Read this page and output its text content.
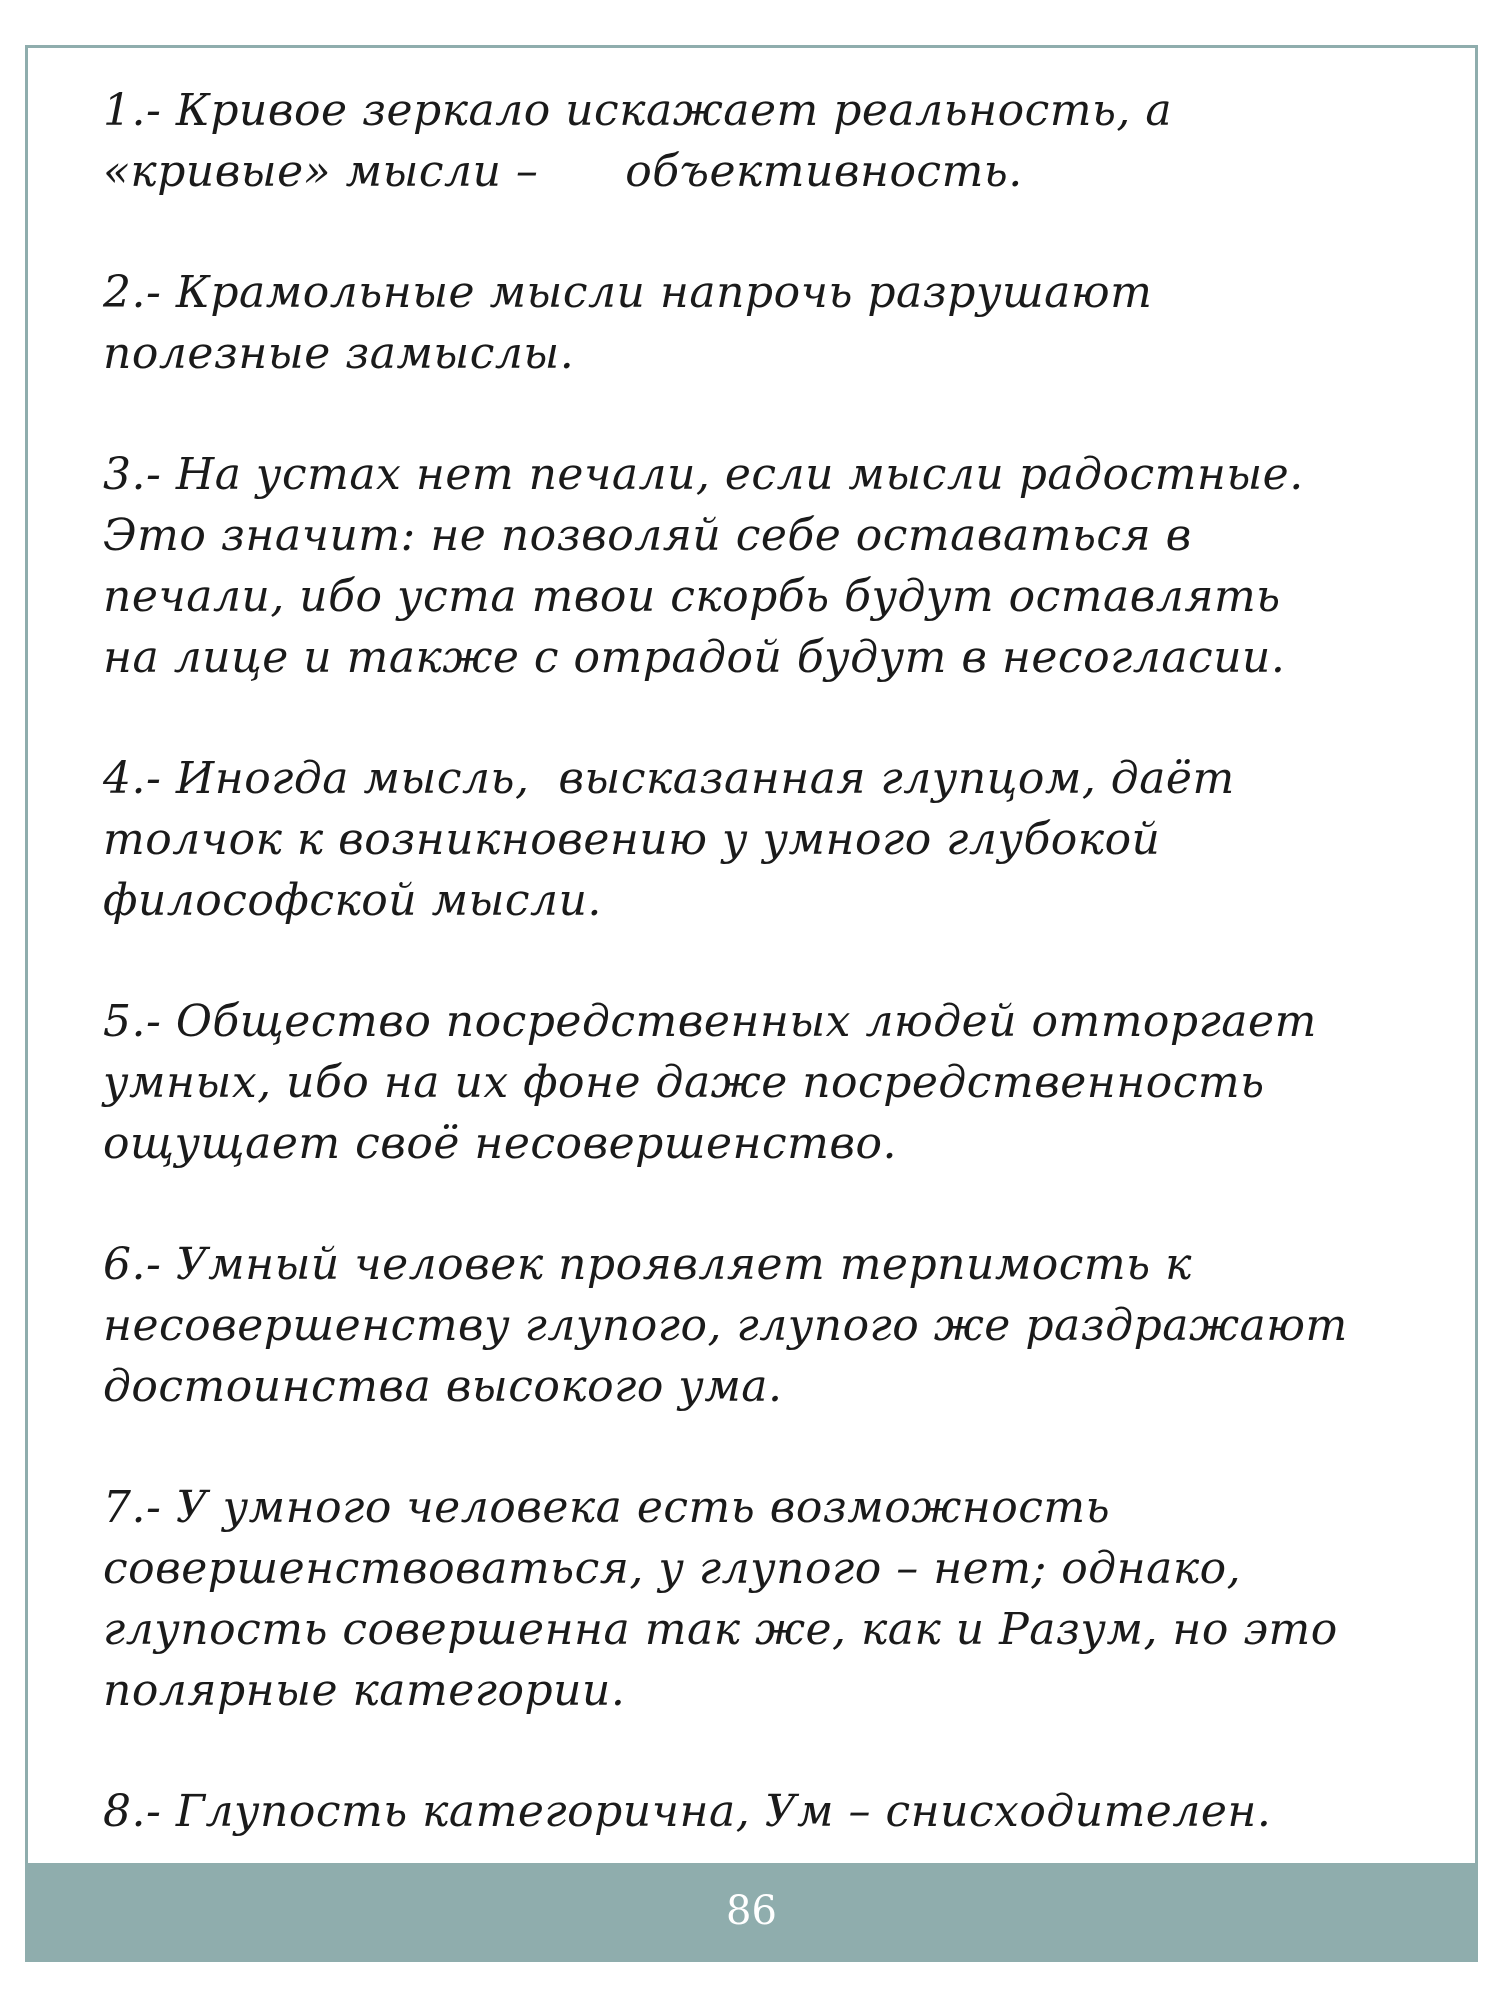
1.- Кривое зеркало искажает реальность, а
«кривые» мысли –      объективность.

2.- Крамольные мысли напрочь разрушают
полезные замыслы.

3.- На устах нет печали, если мысли радостные.
Это значит: не позволяй себе оставаться в
печали, ибо уста твои скорбь будут оставлять
на лице и также с отрадой будут в несогласии.

4.- Иногда мысль,  высказанная глупцом, даёт
толчок к возникновению у умного глубокой
философской мысли.

5.- Общество посредственных людей отторгает
умных, ибо на их фоне даже посредственность
ощущает своё несовершенство.

6.- Умный человек проявляет терпимость к
несовершенству глупого, глупого же раздражают
достоинства высокого ума.

7.- У умного человека есть возможность
совершенствоваться, у глупого – нет; однако,
глупость совершенна так же, как и Разум, но это
полярные категории.

8.- Глупость категорична, Ум – снисходителен.

86
